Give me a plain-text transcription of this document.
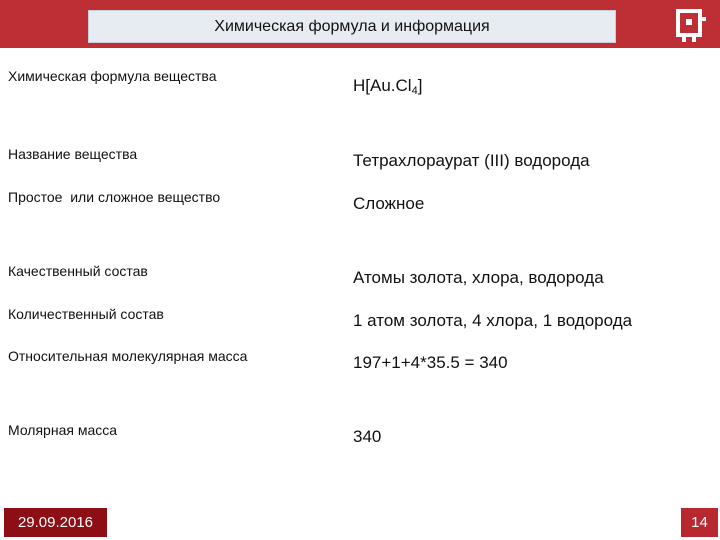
Химическая формула и информация
Химическая формула вещества	$H[Au.Cl_4]$
Название вещества	Тетрахлораурат (III) водорода
Простое  или сложное вещество	Сложное
Качественный состав	Атомы золота, хлора, водорода
Количественный состав	1 атом золота, 4 хлора, 1 водорода
Относительная молекулярная масса	197+1+4*35.5 = 340
Молярная масса	340
29.09.2016	14
